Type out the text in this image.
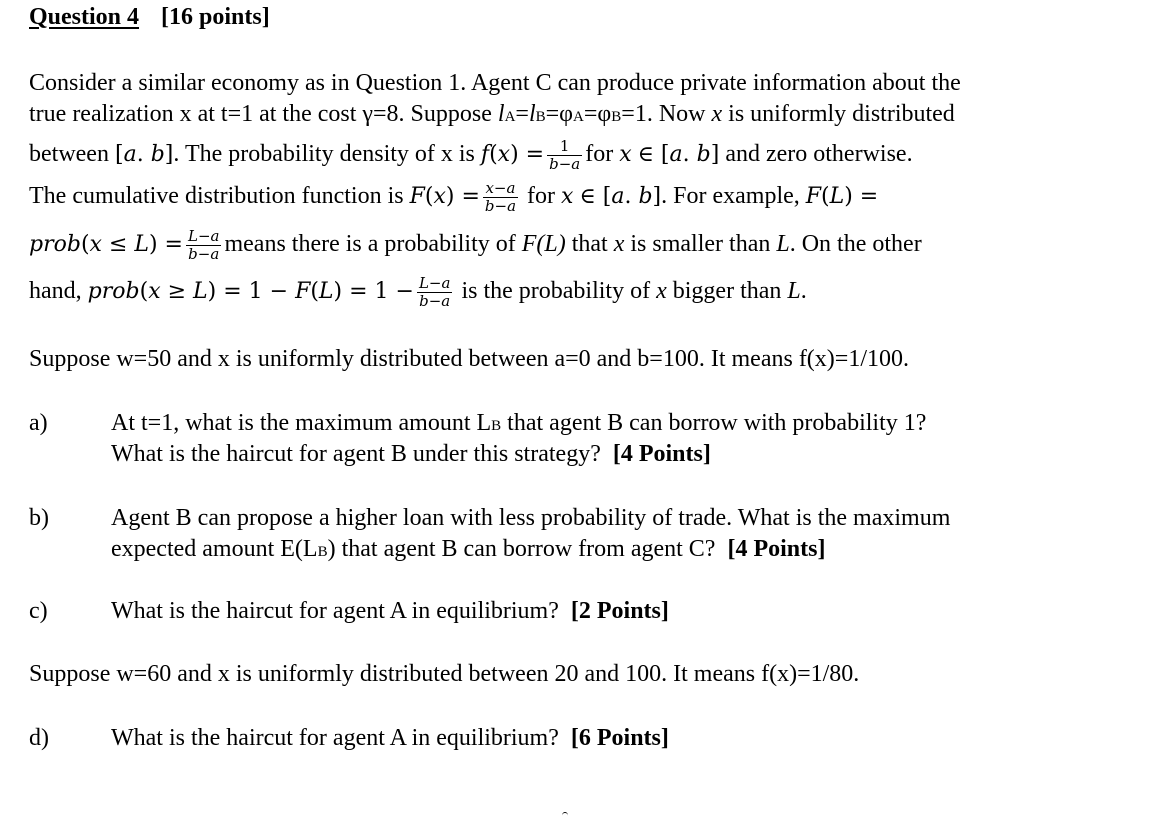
Question 4 [16 points]
Consider a similar economy as in Question 1. Agent C can produce private information about the
true realization x at t=1 at the cost γ=8. Suppose lA=lB=φA=φB=1. Now x is uniformly distributed
between [a. b]. The probability density of x is $f(x) = \frac{1}{b-a}$ for x ∈ [a. b] and zero otherwise.
The cumulative distribution function is $F(x) = \frac{x-a}{b-a}$ for x ∈ [a. b]. For example, F(L) =
prob(x ≤ $L) = \frac{L-a}{b-a}$ means there is a probability of F(L) that x is smaller than L. On the other
hand, prob(x ≥ $L) = 1 - F(L) = 1 - \frac{L-a}{b-a}$ is the probability of x bigger than L.
Suppose w=50 and x is uniformly distributed between a=0 and b=100. It means f(x)=1/100.
a)	At t=1, what is the maximum amount LB that agent B can borrow with probability 1?
What is the haircut for agent B under this strategy? [4 Points]
b)	Agent B can propose a higher loan with less probability of trade. What is the maximum
expected amount E(LB) that agent B can borrow from agent C? [4 Points]
c)	What is the haircut for agent A in equilibrium? [2 Points]
Suppose w=60 and x is uniformly distributed between 20 and 100. It means f(x)=1/80.
d)	What is the haircut for agent A in equilibrium? [6 Points]
